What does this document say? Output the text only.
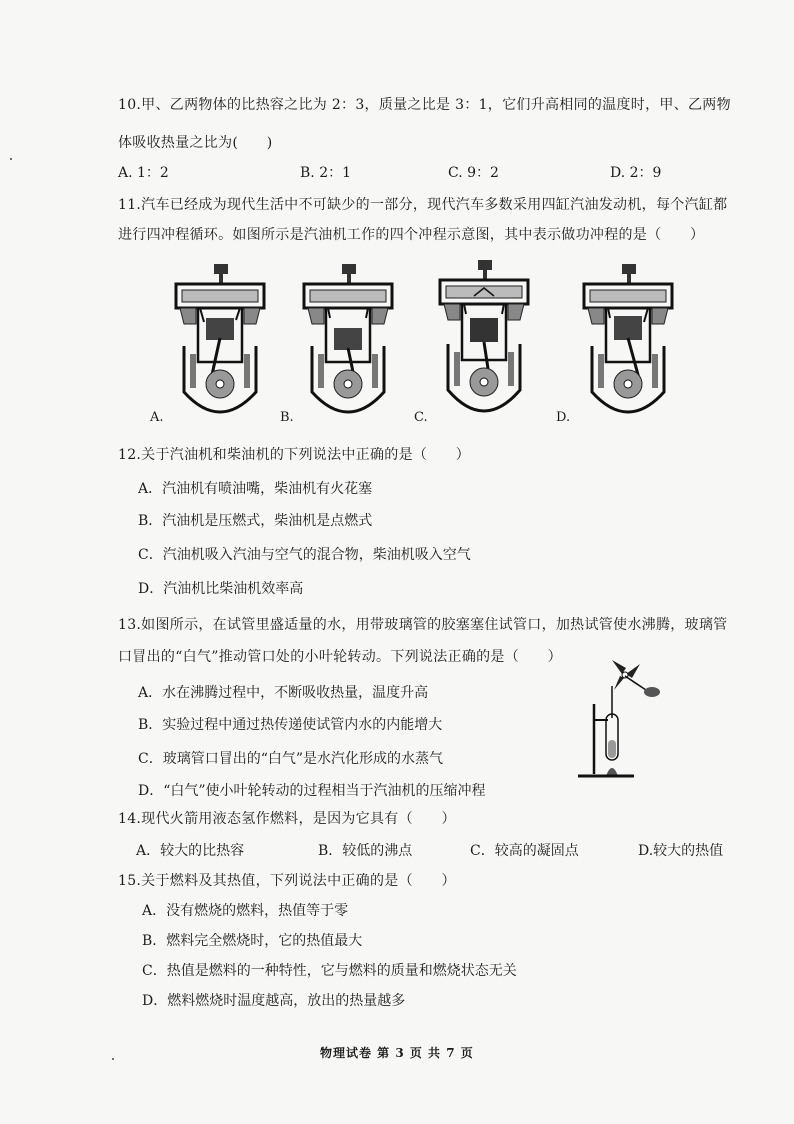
10.甲、乙两物体的比热容之比为 2：3，质量之比是 3：1，它们升高相同的温度时，甲、乙两物
体吸收热量之比为(　　)
A. 1：2	B. 2：1	C. 9：2	D. 2：9
11.汽车已经成为现代生活中不可缺少的一部分，现代汽车多数采用四缸汽油发动机，每个汽缸都
进行四冲程循环。如图所示是汽油机工作的四个冲程示意图，其中表示做功冲程的是（　　）
A.	B.	C.	D.
12.关于汽油机和柴油机的下列说法中正确的是（　　）
A．汽油机有喷油嘴，柴油机有火花塞
B．汽油机是压燃式，柴油机是点燃式
C．汽油机吸入汽油与空气的混合物，柴油机吸入空气
D．汽油机比柴油机效率高
13.如图所示，在试管里盛适量的水，用带玻璃管的胶塞塞住试管口，加热试管使水沸腾，玻璃管
口冒出的“白气”推动管口处的小叶轮转动。下列说法正确的是（　　）
A．水在沸腾过程中，不断吸收热量，温度升高
B．实验过程中通过热传递使试管内水的内能增大
C．玻璃管口冒出的“白气”是水汽化形成的水蒸气
D．“白气”使小叶轮转动的过程相当于汽油机的压缩冲程
14.现代火箭用液态氢作燃料，是因为它具有（　　）
A．较大的比热容	B．较低的沸点	C．较高的凝固点	D.较大的热值
15.关于燃料及其热值，下列说法中正确的是（　　）
A．没有燃烧的燃料，热值等于零
B．燃料完全燃烧时，它的热值最大
C．热值是燃料的一种特性，它与燃料的质量和燃烧状态无关
D．燃料燃烧时温度越高，放出的热量越多
物理试卷 第 3 页 共 7 页
